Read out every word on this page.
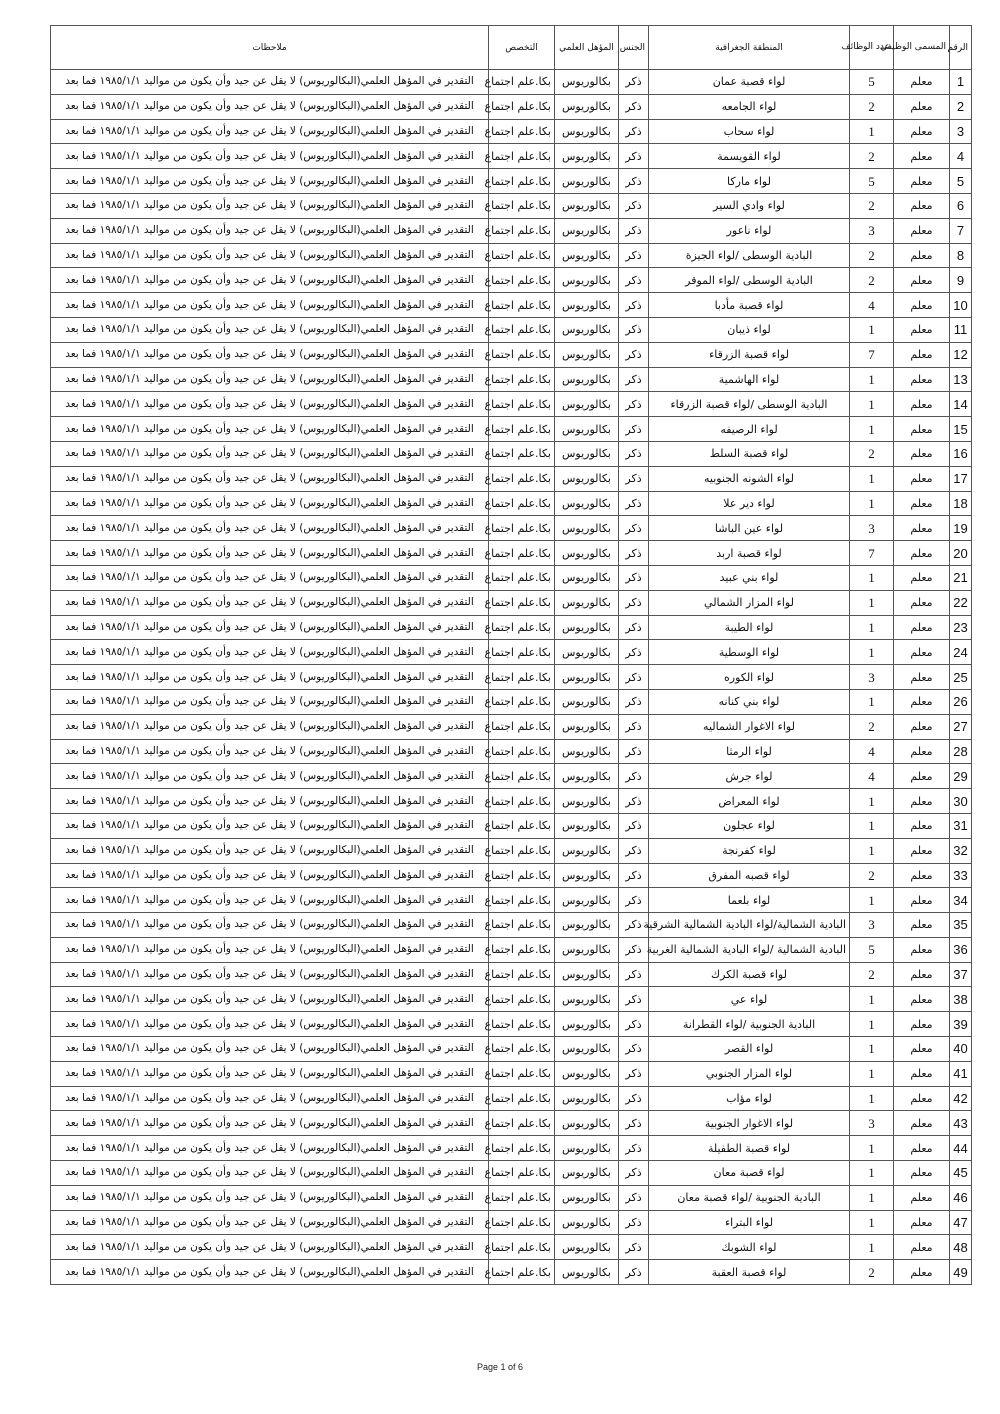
الرقم	المسمى الوظيفي	عدد الوظائف	المنطقة الجغرافية	الجنس	المؤهل العلمي	التخصص	ملاحظات
1	معلم	5	لواء قصبة عمان	ذكر	بكالوريوس	بكا.علم اجتماع	التقدير في المؤهل العلمي(البكالوريوس) لا يقل عن جيد وأن يكون من مواليد ١٩٨٥/١/١ فما بعد
2	معلم	2	لواء الجامعه	ذكر	بكالوريوس	بكا.علم اجتماع	التقدير في المؤهل العلمي(البكالوريوس) لا يقل عن جيد وأن يكون من مواليد ١٩٨٥/١/١ فما بعد
3	معلم	1	لواء سحاب	ذكر	بكالوريوس	بكا.علم اجتماع	التقدير في المؤهل العلمي(البكالوريوس) لا يقل عن جيد وأن يكون من مواليد ١٩٨٥/١/١ فما بعد
4	معلم	2	لواء القويسمة	ذكر	بكالوريوس	بكا.علم اجتماع	التقدير في المؤهل العلمي(البكالوريوس) لا يقل عن جيد وأن يكون من مواليد ١٩٨٥/١/١ فما بعد
5	معلم	5	لواء ماركا	ذكر	بكالوريوس	بكا.علم اجتماع	التقدير في المؤهل العلمي(البكالوريوس) لا يقل عن جيد وأن يكون من مواليد ١٩٨٥/١/١ فما بعد
6	معلم	2	لواء وادي السير	ذكر	بكالوريوس	بكا.علم اجتماع	التقدير في المؤهل العلمي(البكالوريوس) لا يقل عن جيد وأن يكون من مواليد ١٩٨٥/١/١ فما بعد
7	معلم	3	لواء ناعور	ذكر	بكالوريوس	بكا.علم اجتماع	التقدير في المؤهل العلمي(البكالوريوس) لا يقل عن جيد وأن يكون من مواليد ١٩٨٥/١/١ فما بعد
8	معلم	2	البادية الوسطى /لواء الجيزة	ذكر	بكالوريوس	بكا.علم اجتماع	التقدير في المؤهل العلمي(البكالوريوس) لا يقل عن جيد وأن يكون من مواليد ١٩٨٥/١/١ فما بعد
9	معلم	2	البادية الوسطى /لواء الموقر	ذكر	بكالوريوس	بكا.علم اجتماع	التقدير في المؤهل العلمي(البكالوريوس) لا يقل عن جيد وأن يكون من مواليد ١٩٨٥/١/١ فما بعد
10	معلم	4	لواء قصبة مأدبا	ذكر	بكالوريوس	بكا.علم اجتماع	التقدير في المؤهل العلمي(البكالوريوس) لا يقل عن جيد وأن يكون من مواليد ١٩٨٥/١/١ فما بعد
11	معلم	1	لواء ذيبان	ذكر	بكالوريوس	بكا.علم اجتماع	التقدير في المؤهل العلمي(البكالوريوس) لا يقل عن جيد وأن يكون من مواليد ١٩٨٥/١/١ فما بعد
12	معلم	7	لواء قصبة الزرقاء	ذكر	بكالوريوس	بكا.علم اجتماع	التقدير في المؤهل العلمي(البكالوريوس) لا يقل عن جيد وأن يكون من مواليد ١٩٨٥/١/١ فما بعد
13	معلم	1	لواء الهاشمية	ذكر	بكالوريوس	بكا.علم اجتماع	التقدير في المؤهل العلمي(البكالوريوس) لا يقل عن جيد وأن يكون من مواليد ١٩٨٥/١/١ فما بعد
14	معلم	1	البادية الوسطى /لواء قصبة الزرقاء	ذكر	بكالوريوس	بكا.علم اجتماع	التقدير في المؤهل العلمي(البكالوريوس) لا يقل عن جيد وأن يكون من مواليد ١٩٨٥/١/١ فما بعد
15	معلم	1	لواء الرصيفه	ذكر	بكالوريوس	بكا.علم اجتماع	التقدير في المؤهل العلمي(البكالوريوس) لا يقل عن جيد وأن يكون من مواليد ١٩٨٥/١/١ فما بعد
16	معلم	2	لواء قصبة السلط	ذكر	بكالوريوس	بكا.علم اجتماع	التقدير في المؤهل العلمي(البكالوريوس) لا يقل عن جيد وأن يكون من مواليد ١٩٨٥/١/١ فما بعد
17	معلم	1	لواء الشونه الجنوبيه	ذكر	بكالوريوس	بكا.علم اجتماع	التقدير في المؤهل العلمي(البكالوريوس) لا يقل عن جيد وأن يكون من مواليد ١٩٨٥/١/١ فما بعد
18	معلم	1	لواء دير علا	ذكر	بكالوريوس	بكا.علم اجتماع	التقدير في المؤهل العلمي(البكالوريوس) لا يقل عن جيد وأن يكون من مواليد ١٩٨٥/١/١ فما بعد
19	معلم	3	لواء عين الباشا	ذكر	بكالوريوس	بكا.علم اجتماع	التقدير في المؤهل العلمي(البكالوريوس) لا يقل عن جيد وأن يكون من مواليد ١٩٨٥/١/١ فما بعد
20	معلم	7	لواء قصبة اربد	ذكر	بكالوريوس	بكا.علم اجتماع	التقدير في المؤهل العلمي(البكالوريوس) لا يقل عن جيد وأن يكون من مواليد ١٩٨٥/١/١ فما بعد
21	معلم	1	لواء بني عبيد	ذكر	بكالوريوس	بكا.علم اجتماع	التقدير في المؤهل العلمي(البكالوريوس) لا يقل عن جيد وأن يكون من مواليد ١٩٨٥/١/١ فما بعد
22	معلم	1	لواء المزار الشمالي	ذكر	بكالوريوس	بكا.علم اجتماع	التقدير في المؤهل العلمي(البكالوريوس) لا يقل عن جيد وأن يكون من مواليد ١٩٨٥/١/١ فما بعد
23	معلم	1	لواء الطيبة	ذكر	بكالوريوس	بكا.علم اجتماع	التقدير في المؤهل العلمي(البكالوريوس) لا يقل عن جيد وأن يكون من مواليد ١٩٨٥/١/١ فما بعد
24	معلم	1	لواء الوسطية	ذكر	بكالوريوس	بكا.علم اجتماع	التقدير في المؤهل العلمي(البكالوريوس) لا يقل عن جيد وأن يكون من مواليد ١٩٨٥/١/١ فما بعد
25	معلم	3	لواء الكوره	ذكر	بكالوريوس	بكا.علم اجتماع	التقدير في المؤهل العلمي(البكالوريوس) لا يقل عن جيد وأن يكون من مواليد ١٩٨٥/١/١ فما بعد
26	معلم	1	لواء بني كنانه	ذكر	بكالوريوس	بكا.علم اجتماع	التقدير في المؤهل العلمي(البكالوريوس) لا يقل عن جيد وأن يكون من مواليد ١٩٨٥/١/١ فما بعد
27	معلم	2	لواء الاغوار الشماليه	ذكر	بكالوريوس	بكا.علم اجتماع	التقدير في المؤهل العلمي(البكالوريوس) لا يقل عن جيد وأن يكون من مواليد ١٩٨٥/١/١ فما بعد
28	معلم	4	لواء الرمثا	ذكر	بكالوريوس	بكا.علم اجتماع	التقدير في المؤهل العلمي(البكالوريوس) لا يقل عن جيد وأن يكون من مواليد ١٩٨٥/١/١ فما بعد
29	معلم	4	لواء جرش	ذكر	بكالوريوس	بكا.علم اجتماع	التقدير في المؤهل العلمي(البكالوريوس) لا يقل عن جيد وأن يكون من مواليد ١٩٨٥/١/١ فما بعد
30	معلم	1	لواء المعراض	ذكر	بكالوريوس	بكا.علم اجتماع	التقدير في المؤهل العلمي(البكالوريوس) لا يقل عن جيد وأن يكون من مواليد ١٩٨٥/١/١ فما بعد
31	معلم	1	لواء عجلون	ذكر	بكالوريوس	بكا.علم اجتماع	التقدير في المؤهل العلمي(البكالوريوس) لا يقل عن جيد وأن يكون من مواليد ١٩٨٥/١/١ فما بعد
32	معلم	1	لواء كفرنجة	ذكر	بكالوريوس	بكا.علم اجتماع	التقدير في المؤهل العلمي(البكالوريوس) لا يقل عن جيد وأن يكون من مواليد ١٩٨٥/١/١ فما بعد
33	معلم	2	لواء قصبه المفرق	ذكر	بكالوريوس	بكا.علم اجتماع	التقدير في المؤهل العلمي(البكالوريوس) لا يقل عن جيد وأن يكون من مواليد ١٩٨٥/١/١ فما بعد
34	معلم	1	لواء بلعما	ذكر	بكالوريوس	بكا.علم اجتماع	التقدير في المؤهل العلمي(البكالوريوس) لا يقل عن جيد وأن يكون من مواليد ١٩٨٥/١/١ فما بعد
35	معلم	3	البادية الشمالية/لواء البادية الشمالية الشرقية	ذكر	بكالوريوس	بكا.علم اجتماع	التقدير في المؤهل العلمي(البكالوريوس) لا يقل عن جيد وأن يكون من مواليد ١٩٨٥/١/١ فما بعد
36	معلم	5	البادية الشمالية /لواء البادية الشمالية الغربية	ذكر	بكالوريوس	بكا.علم اجتماع	التقدير في المؤهل العلمي(البكالوريوس) لا يقل عن جيد وأن يكون من مواليد ١٩٨٥/١/١ فما بعد
37	معلم	2	لواء قصبة الكرك	ذكر	بكالوريوس	بكا.علم اجتماع	التقدير في المؤهل العلمي(البكالوريوس) لا يقل عن جيد وأن يكون من مواليد ١٩٨٥/١/١ فما بعد
38	معلم	1	لواء عي	ذكر	بكالوريوس	بكا.علم اجتماع	التقدير في المؤهل العلمي(البكالوريوس) لا يقل عن جيد وأن يكون من مواليد ١٩٨٥/١/١ فما بعد
39	معلم	1	البادية الجنوبية /لواء القطرانة	ذكر	بكالوريوس	بكا.علم اجتماع	التقدير في المؤهل العلمي(البكالوريوس) لا يقل عن جيد وأن يكون من مواليد ١٩٨٥/١/١ فما بعد
40	معلم	1	لواء القصر	ذكر	بكالوريوس	بكا.علم اجتماع	التقدير في المؤهل العلمي(البكالوريوس) لا يقل عن جيد وأن يكون من مواليد ١٩٨٥/١/١ فما بعد
41	معلم	1	لواء المزار الجنوبي	ذكر	بكالوريوس	بكا.علم اجتماع	التقدير في المؤهل العلمي(البكالوريوس) لا يقل عن جيد وأن يكون من مواليد ١٩٨٥/١/١ فما بعد
42	معلم	1	لواء مؤاب	ذكر	بكالوريوس	بكا.علم اجتماع	التقدير في المؤهل العلمي(البكالوريوس) لا يقل عن جيد وأن يكون من مواليد ١٩٨٥/١/١ فما بعد
43	معلم	3	لواء الاغوار الجنوبية	ذكر	بكالوريوس	بكا.علم اجتماع	التقدير في المؤهل العلمي(البكالوريوس) لا يقل عن جيد وأن يكون من مواليد ١٩٨٥/١/١ فما بعد
44	معلم	1	لواء قصبة الطفيلة	ذكر	بكالوريوس	بكا.علم اجتماع	التقدير في المؤهل العلمي(البكالوريوس) لا يقل عن جيد وأن يكون من مواليد ١٩٨٥/١/١ فما بعد
45	معلم	1	لواء قصبة معان	ذكر	بكالوريوس	بكا.علم اجتماع	التقدير في المؤهل العلمي(البكالوريوس) لا يقل عن جيد وأن يكون من مواليد ١٩٨٥/١/١ فما بعد
46	معلم	1	البادية الجنوبية /لواء قصبة معان	ذكر	بكالوريوس	بكا.علم اجتماع	التقدير في المؤهل العلمي(البكالوريوس) لا يقل عن جيد وأن يكون من مواليد ١٩٨٥/١/١ فما بعد
47	معلم	1	لواء البتراء	ذكر	بكالوريوس	بكا.علم اجتماع	التقدير في المؤهل العلمي(البكالوريوس) لا يقل عن جيد وأن يكون من مواليد ١٩٨٥/١/١ فما بعد
48	معلم	1	لواء الشوبك	ذكر	بكالوريوس	بكا.علم اجتماع	التقدير في المؤهل العلمي(البكالوريوس) لا يقل عن جيد وأن يكون من مواليد ١٩٨٥/١/١ فما بعد
49	معلم	2	لواء قصبة العقبة	ذكر	بكالوريوس	بكا.علم اجتماع	التقدير في المؤهل العلمي(البكالوريوس) لا يقل عن جيد وأن يكون من مواليد ١٩٨٥/١/١ فما بعد
Page 1 of 6
